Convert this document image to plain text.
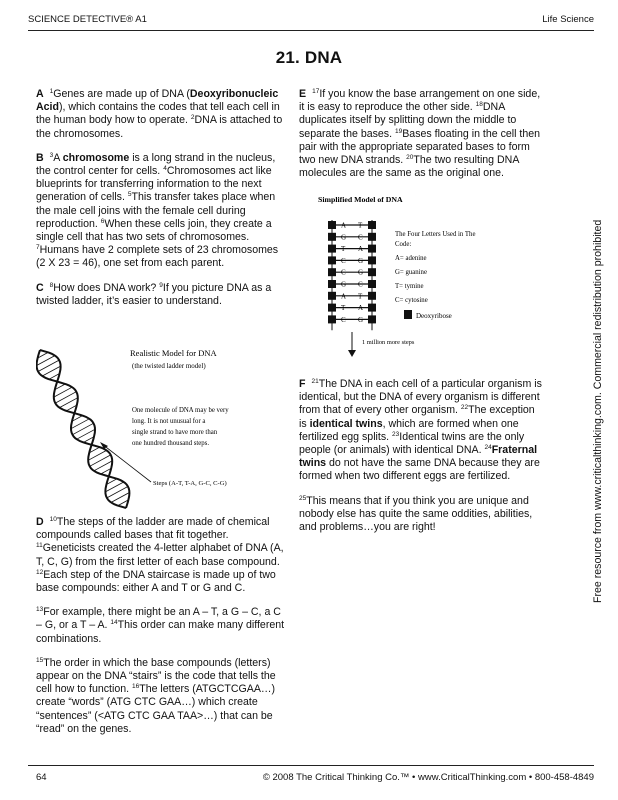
SCIENCE DETECTIVE® A1	Life Science
21. DNA

A $^1$Genes are made up of DNA (Deoxyribonucleic Acid), which contains the codes that tell each cell in the human body how to operate. $^2$DNA is attached to the chromosomes.

B $^3$A chromosome is a long strand in the nucleus, the control center for cells. $^4$Chromosomes act like blueprints for transferring information to the next generation of cells. $^5$This transfer takes place when the male cell joins with the female cell during reproduction. $^6$When these cells join, they create a single cell that has two sets of chromosomes. $^7$Humans have 2 complete sets of 23 chromosomes (2 X 23 = 46), one set from each parent.

C $^8$How does DNA work? $^9$If you picture DNA as a twisted ladder, it’s easier to understand.

Realistic Model for DNA
(the twisted ladder model)
One molecule of DNA may be very long. It is not unusual for a single strand to have more than one hundred thousand steps.
Steps (A-T, T-A, G-C, C-G)

D $^{10}$The steps of the ladder are made of chemical compounds called bases that fit together. $^{11}$Geneticists created the 4-letter alphabet of DNA (A, T, C, G) from the first letter of each base compound. $^{12}$Each step of the DNA staircase is made up of two base compounds: either A and T or G and C.

$^{13}$For example, there might be an A – T, a G – C, a C – G, or a T – A. $^{14}$This order can make many different combinations.

$^{15}$The order in which the base compounds (letters) appear on the DNA “stairs” is the code that tells the cell how to function. $^{16}$The letters (ATGCTCGAA…) create “words” (ATG CTC GAA…) which create “sentences” (<ATG CTC GAA TAA>…) that can be “read” on the genes.

E $^{17}$If you know the base arrangement on one side, it is easy to reproduce the other side. $^{18}$DNA duplicates itself by splitting down the middle to separate the bases. $^{19}$Bases floating in the cell then pair with the appropriate separated bases to form two new DNA strands. $^{20}$The two resulting DNA molecules are the same as the original one.

Simplified Model of DNA
A T
G C
T A
C G
C G
G C
A T
T A
C G
The Four Letters Used in The Code:
A= adenine
G= guanine
T= tymine
C= cytosine
Deoxyribose
1 million more steps

F $^{21}$The DNA in each cell of a particular organism is identical, but the DNA of every organism is different from that of every other organism. $^{22}$The exception is identical twins, which are formed when one fertilized egg splits. $^{23}$Identical twins are the only people (or animals) with identical DNA. $^{24}$Fraternal twins do not have the same DNA because they are formed when two different eggs are fertilized.

$^{25}$This means that if you think you are unique and nobody else has quite the same oddities, abilities, and problems…you are right!	Free resource from www.criticalthinking.com. Commercial redistribution prohibited
64	© 2008 The Critical Thinking Co.™ • www.CriticalThinking.com • 800-458-4849
